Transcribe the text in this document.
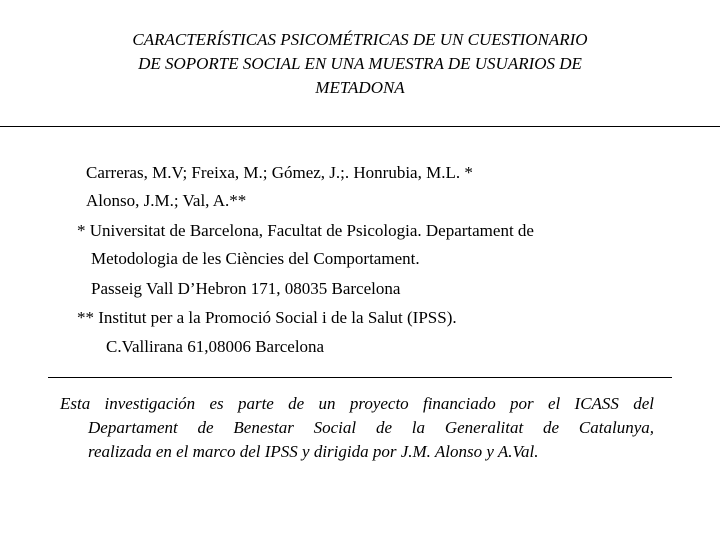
CARACTERÍSTICAS PSICOMÉTRICAS DE UN CUESTIONARIO
DE SOPORTE SOCIAL EN UNA MUESTRA DE USUARIOS DE
METADONA
Carreras, M.V; Freixa, M.; Gómez, J.;. Honrubia, M.L. *
Alonso, J.M.; Val, A.**
* Universitat de Barcelona, Facultat de Psicologia. Departament de
Metodologia de les Ciències del Comportament.
Passeig Vall D’Hebron 171, 08035 Barcelona
** Institut per a la Promoció Social i de la Salut (IPSS).
C.Vallirana 61,08006 Barcelona
Esta investigación es parte de un proyecto financiado por el ICASS del
Departament de Benestar Social de la Generalitat de Catalunya,
realizada en el marco del IPSS y dirigida por J.M. Alonso y A.Val.
